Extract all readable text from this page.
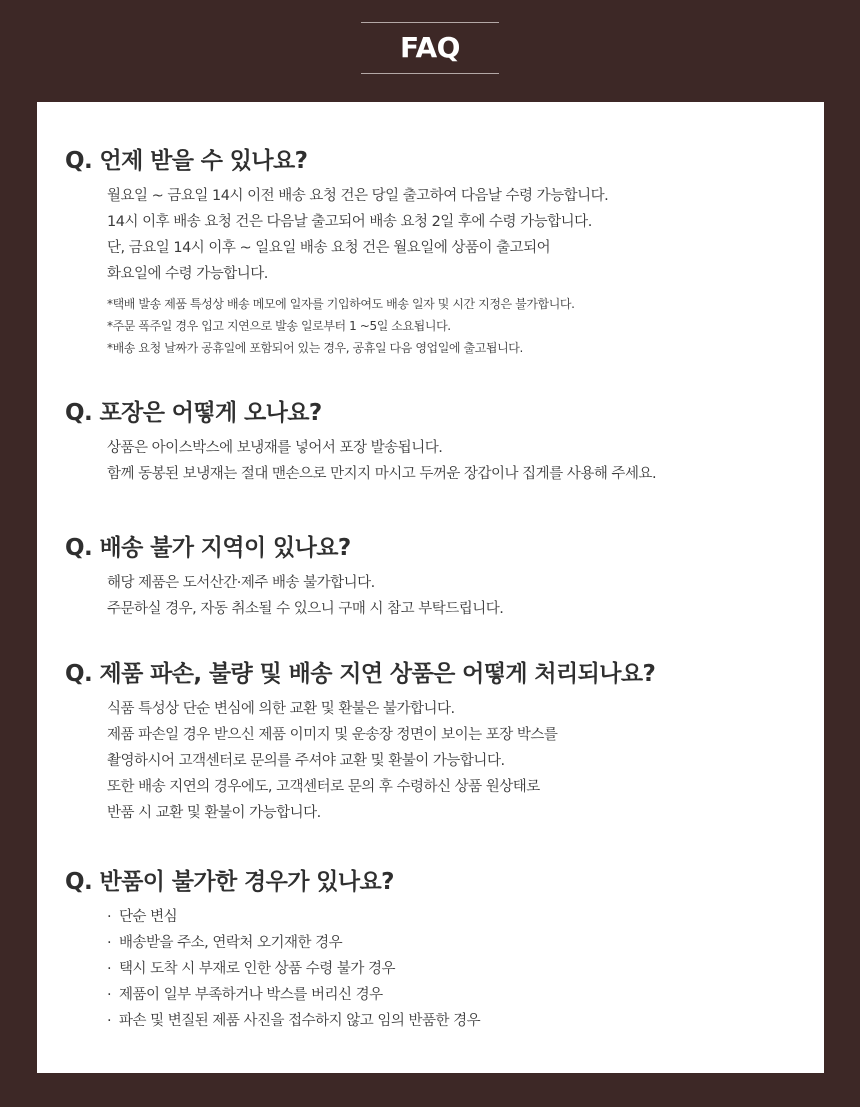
FAQ
Q. 언제 받을 수 있나요?
월요일 ~ 금요일 14시 이전 배송 요청 건은 당일 출고하여 다음날 수령 가능합니다.
14시 이후 배송 요청 건은 다음날 출고되어 배송 요청 2일 후에 수령 가능합니다.
단, 금요일 14시 이후 ~ 일요일 배송 요청 건은 월요일에 상품이 출고되어
화요일에 수령 가능합니다.
*택배 발송 제품 특성상 배송 메모에 일자를 기입하여도 배송 일자 및 시간 지정은 불가합니다.
*주문 폭주일 경우 입고 지연으로 발송 일로부터 1 ~5일 소요됩니다.
*배송 요청 날짜가 공휴일에 포함되어 있는 경우, 공휴일 다음 영업일에 출고됩니다.
Q. 포장은 어떻게 오나요?
상품은 아이스박스에 보냉재를 넣어서 포장 발송됩니다.
함께 동봉된 보냉재는 절대 맨손으로 만지지 마시고 두꺼운 장갑이나 집게를 사용해 주세요.
Q. 배송 불가 지역이 있나요?
해당 제품은 도서산간·제주 배송 불가합니다.
주문하실 경우, 자동 취소될 수 있으니 구매 시 참고 부탁드립니다.
Q. 제품 파손, 불량 및 배송 지연 상품은 어떻게 처리되나요?
식품 특성상 단순 변심에 의한 교환 및 환불은 불가합니다.
제품 파손일 경우 받으신 제품 이미지 및 운송장 정면이 보이는 포장 박스를
촬영하시어 고객센터로 문의를 주셔야 교환 및 환불이 가능합니다.
또한 배송 지연의 경우에도, 고객센터로 문의 후 수령하신 상품 원상태로
반품 시 교환 및 환불이 가능합니다.
Q. 반품이 불가한 경우가 있나요?
· 단순 변심
· 배송받을 주소, 연락처 오기재한 경우
· 택시 도착 시 부재로 인한 상품 수령 불가 경우
· 제품이 일부 부족하거나 박스를 버리신 경우
· 파손 및 변질된 제품 사진을 접수하지 않고 임의 반품한 경우
